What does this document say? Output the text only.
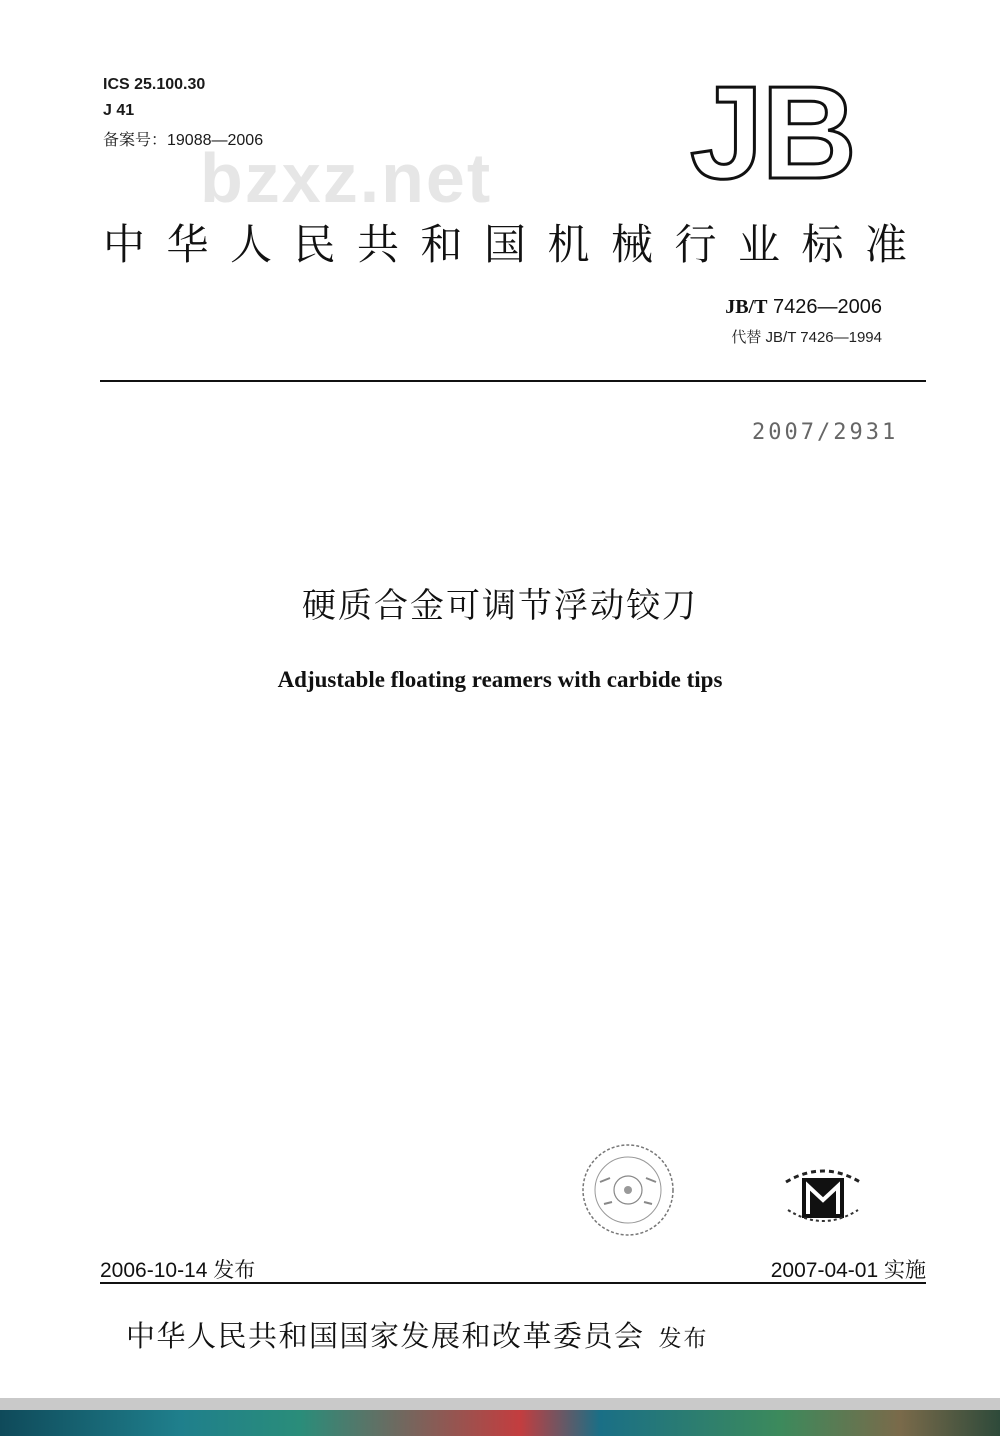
ICS 25.100.30
J 41
备案号：19088—2006
bzxz.net JB
中华人民共和国机械行业标准
JB/T 7426—2006
代替 JB/T 7426—1994
2007/2931
硬质合金可调节浮动铰刀
Adjustable floating reamers with carbide tips
2006-10-14 发布	2007-04-01 实施
中华人民共和国国家发展和改革委员会 发布
